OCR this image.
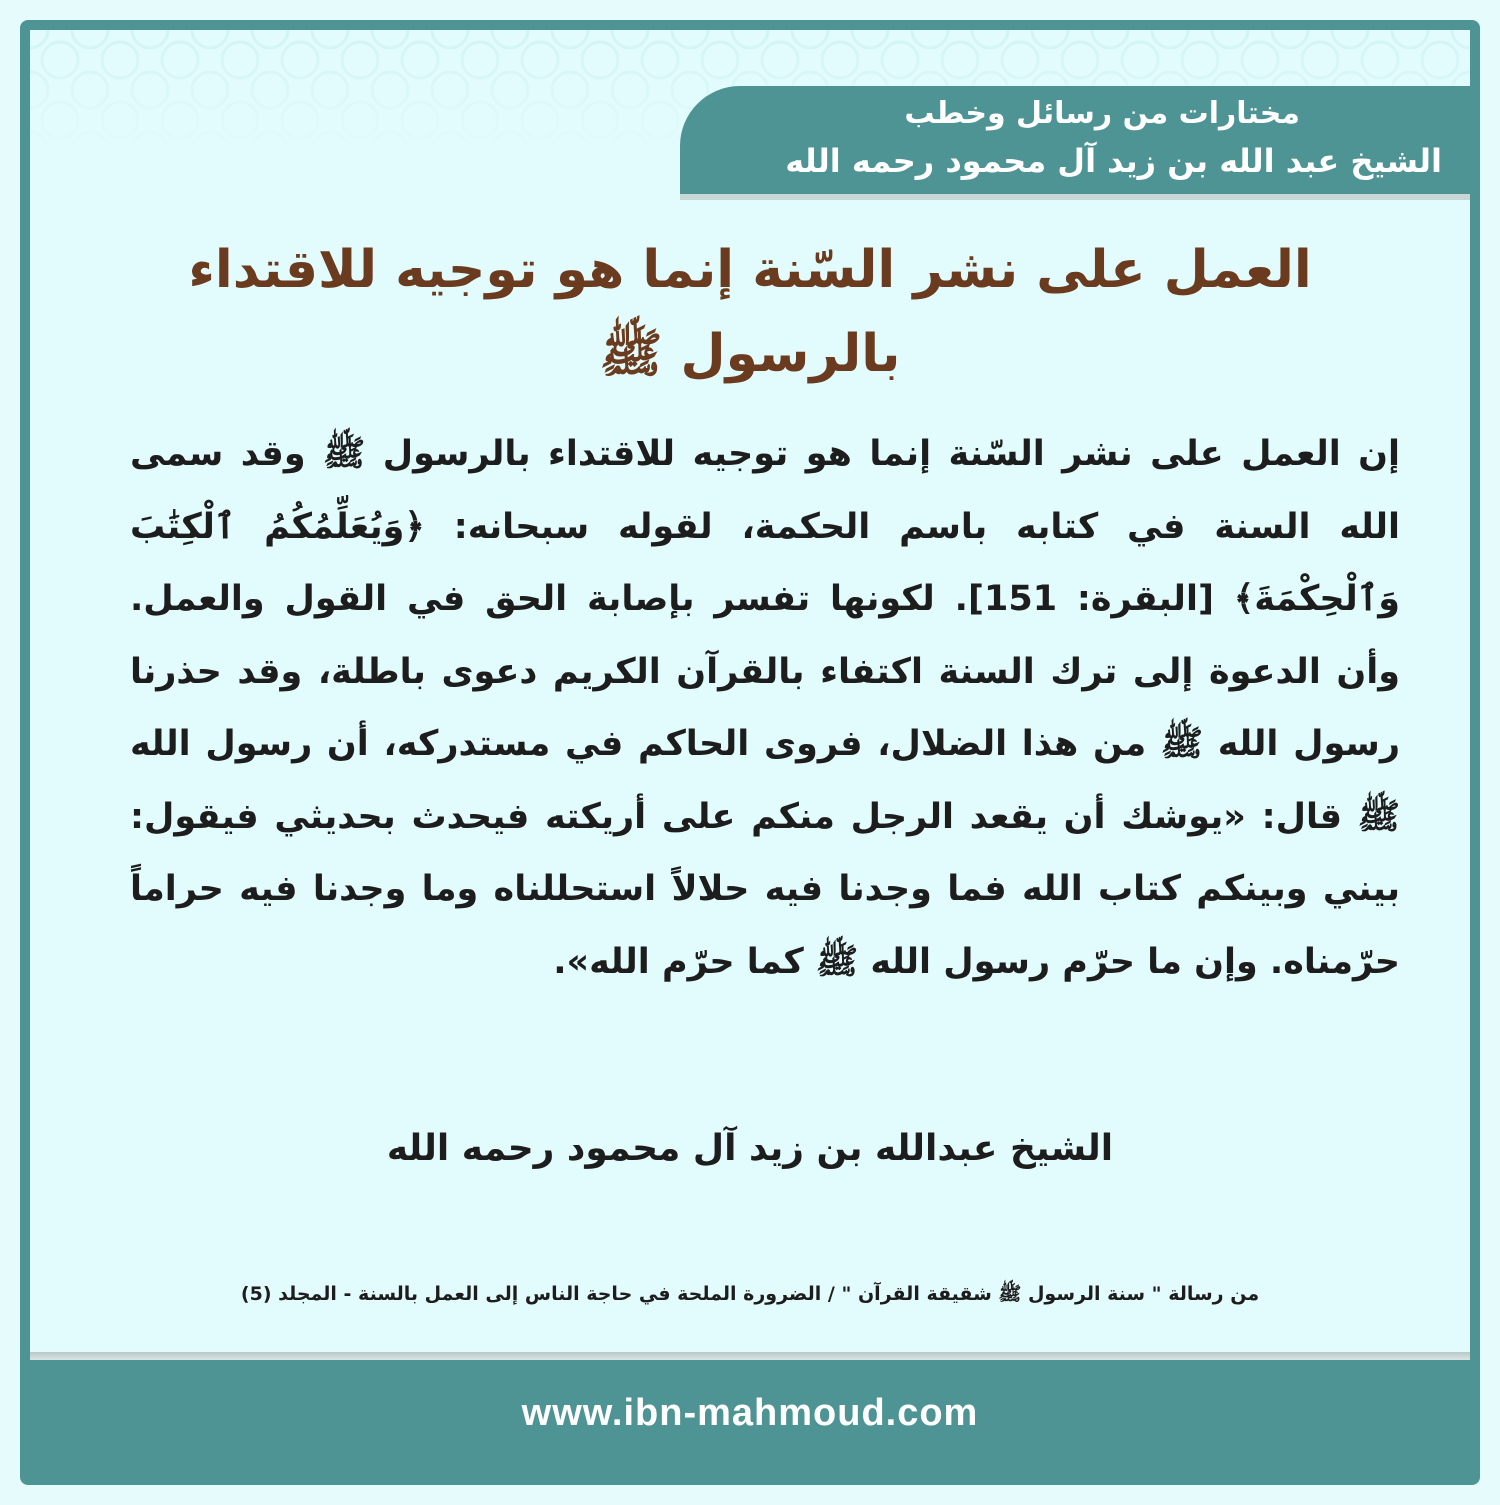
مختارات من رسائل وخطب
الشيخ عبد الله بن زيد آل محمود رحمه الله
العمل على نشر السّنة إنما هو توجيه للاقتداء بالرسول ﷺ
إن العمل على نشر السّنة إنما هو توجيه للاقتداء بالرسول ﷺ وقد سمى الله السنة في كتابه باسم الحكمة، لقوله سبحانه: ﴿وَيُعَلِّمُكُمُ ٱلْكِتَٰبَ وَٱلْحِكْمَةَ﴾ [البقرة: 151]. لكونها تفسر بإصابة الحق في القول والعمل. وأن الدعوة إلى ترك السنة اكتفاء بالقرآن الكريم دعوى باطلة، وقد حذرنا رسول الله ﷺ من هذا الضلال، فروى الحاكم في مستدركه، أن رسول الله ﷺ قال: «يوشك أن يقعد الرجل منكم على أريكته فيحدث بحديثي فيقول: بيني وبينكم كتاب الله فما وجدنا فيه حلالاً استحللناه وما وجدنا فيه حراماً حرّمناه. وإن ما حرّم رسول الله ﷺ كما حرّم الله».
الشيخ عبدالله بن زيد آل محمود رحمه الله
من رسالة " سنة الرسول ﷺ شقيقة القرآن " / الضرورة الملحة في حاجة الناس إلى العمل بالسنة - المجلد (5)
www.ibn-mahmoud.com
